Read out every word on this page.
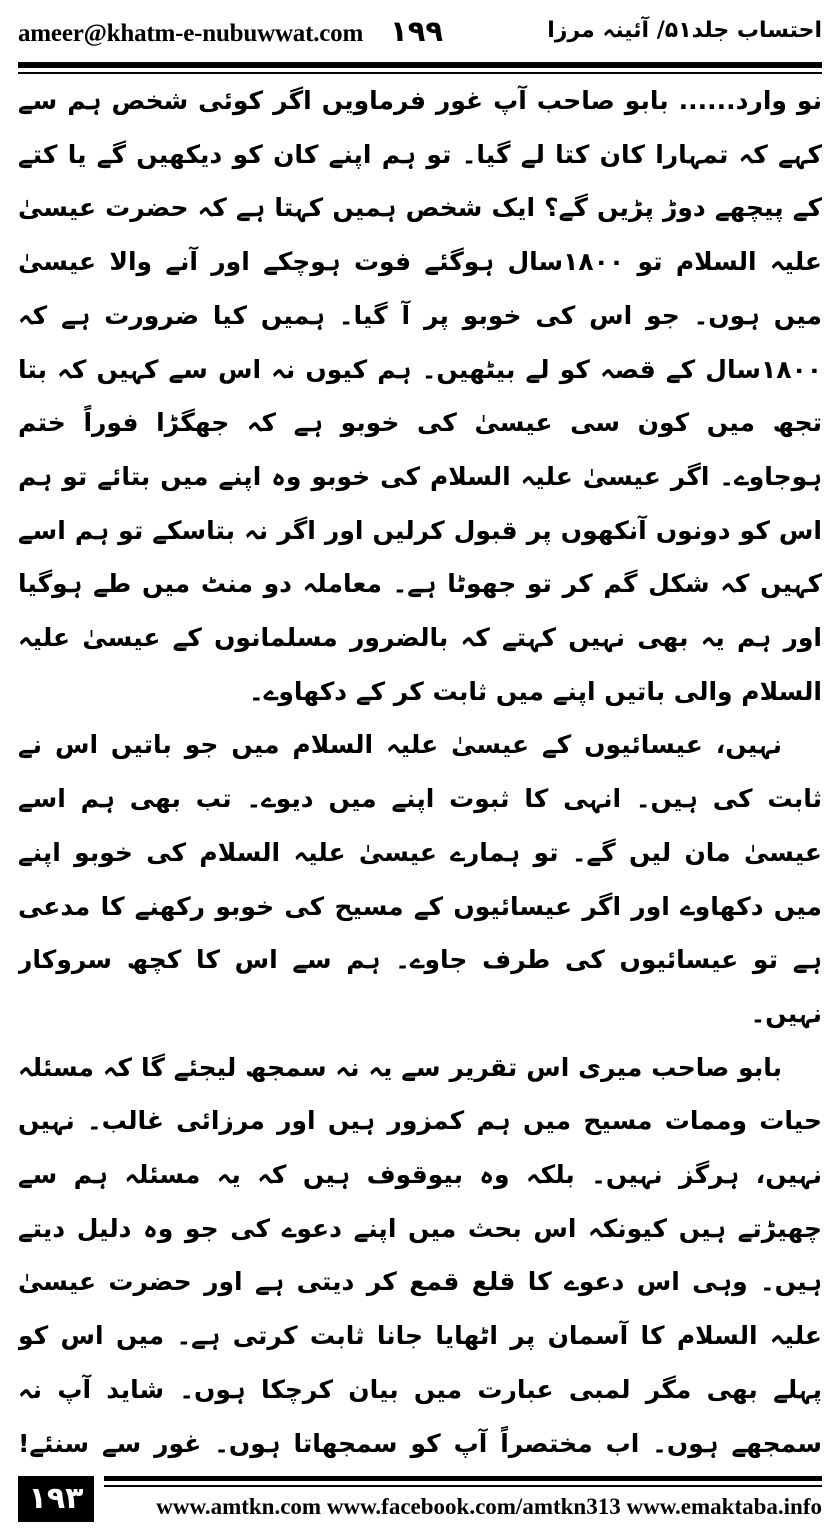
ameer@khatm-e-nubuwwat.com ۱۹۹	احتساب جلد۵۱/ آئینہ مرزا

نو وارد...... بابو صاحب آپ غور فرماویں اگر کوئی شخص ہم سے کہے کہ تمہارا کان کتا لے گیا۔ تو ہم اپنے کان کو دیکھیں گے یا کتے کے پیچھے دوڑ پڑیں گے؟ ایک شخص ہمیں کہتا ہے کہ حضرت عیسیٰ علیہ السلام تو ۱۸۰۰سال ہوگئے فوت ہوچکے اور آنے والا عیسیٰ میں ہوں۔ جو اس کی خوبو پر آ گیا۔ ہمیں کیا ضرورت ہے کہ ۱۸۰۰سال کے قصہ کو لے بیٹھیں۔ ہم کیوں نہ اس سے کہیں کہ بتا تجھ میں کون سی عیسیٰ کی خوبو ہے کہ جھگڑا فوراً ختم ہوجاوے۔ اگر عیسیٰ علیہ السلام کی خوبو وہ اپنے میں بتائے تو ہم اس کو دونوں آنکھوں پر قبول کرلیں اور اگر نہ بتاسکے تو ہم اسے کہیں کہ شکل گم کر تو جھوٹا ہے۔ معاملہ دو منٹ میں طے ہوگیا اور ہم یہ بھی نہیں کہتے کہ بالضرور مسلمانوں کے عیسیٰ علیہ السلام والی باتیں اپنے میں ثابت کر کے دکھاوے۔

نہیں، عیسائیوں کے عیسیٰ علیہ السلام میں جو باتیں اس نے ثابت کی ہیں۔ انہی کا ثبوت اپنے میں دیوے۔ تب بھی ہم اسے عیسیٰ مان لیں گے۔ تو ہمارے عیسیٰ علیہ السلام کی خوبو اپنے میں دکھاوے اور اگر عیسائیوں کے مسیح کی خوبو رکھنے کا مدعی ہے تو عیسائیوں کی طرف جاوے۔ ہم سے اس کا کچھ سروکار نہیں۔

بابو صاحب میری اس تقریر سے یہ نہ سمجھ لیجئے گا کہ مسئلہ حیات وممات مسیح میں ہم کمزور ہیں اور مرزائی غالب۔ نہیں نہیں، ہرگز نہیں۔ بلکہ وہ بیوقوف ہیں کہ یہ مسئلہ ہم سے چھیڑتے ہیں کیونکہ اس بحث میں اپنے دعوے کی جو وہ دلیل دیتے ہیں۔ وہی اس دعوے کا قلع قمع کر دیتی ہے اور حضرت عیسیٰ علیہ السلام کا آسمان پر اٹھایا جانا ثابت کرتی ہے۔ میں اس کو پہلے بھی مگر لمبی عبارت میں بیان کرچکا ہوں۔ شاید آپ نہ سمجھے ہوں۔ اب مختصراً آپ کو سمجھاتا ہوں۔ غور سے سنئے!

۱۹۳	www.amtkn.com www.facebook.com/amtkn313 www.emaktaba.info
